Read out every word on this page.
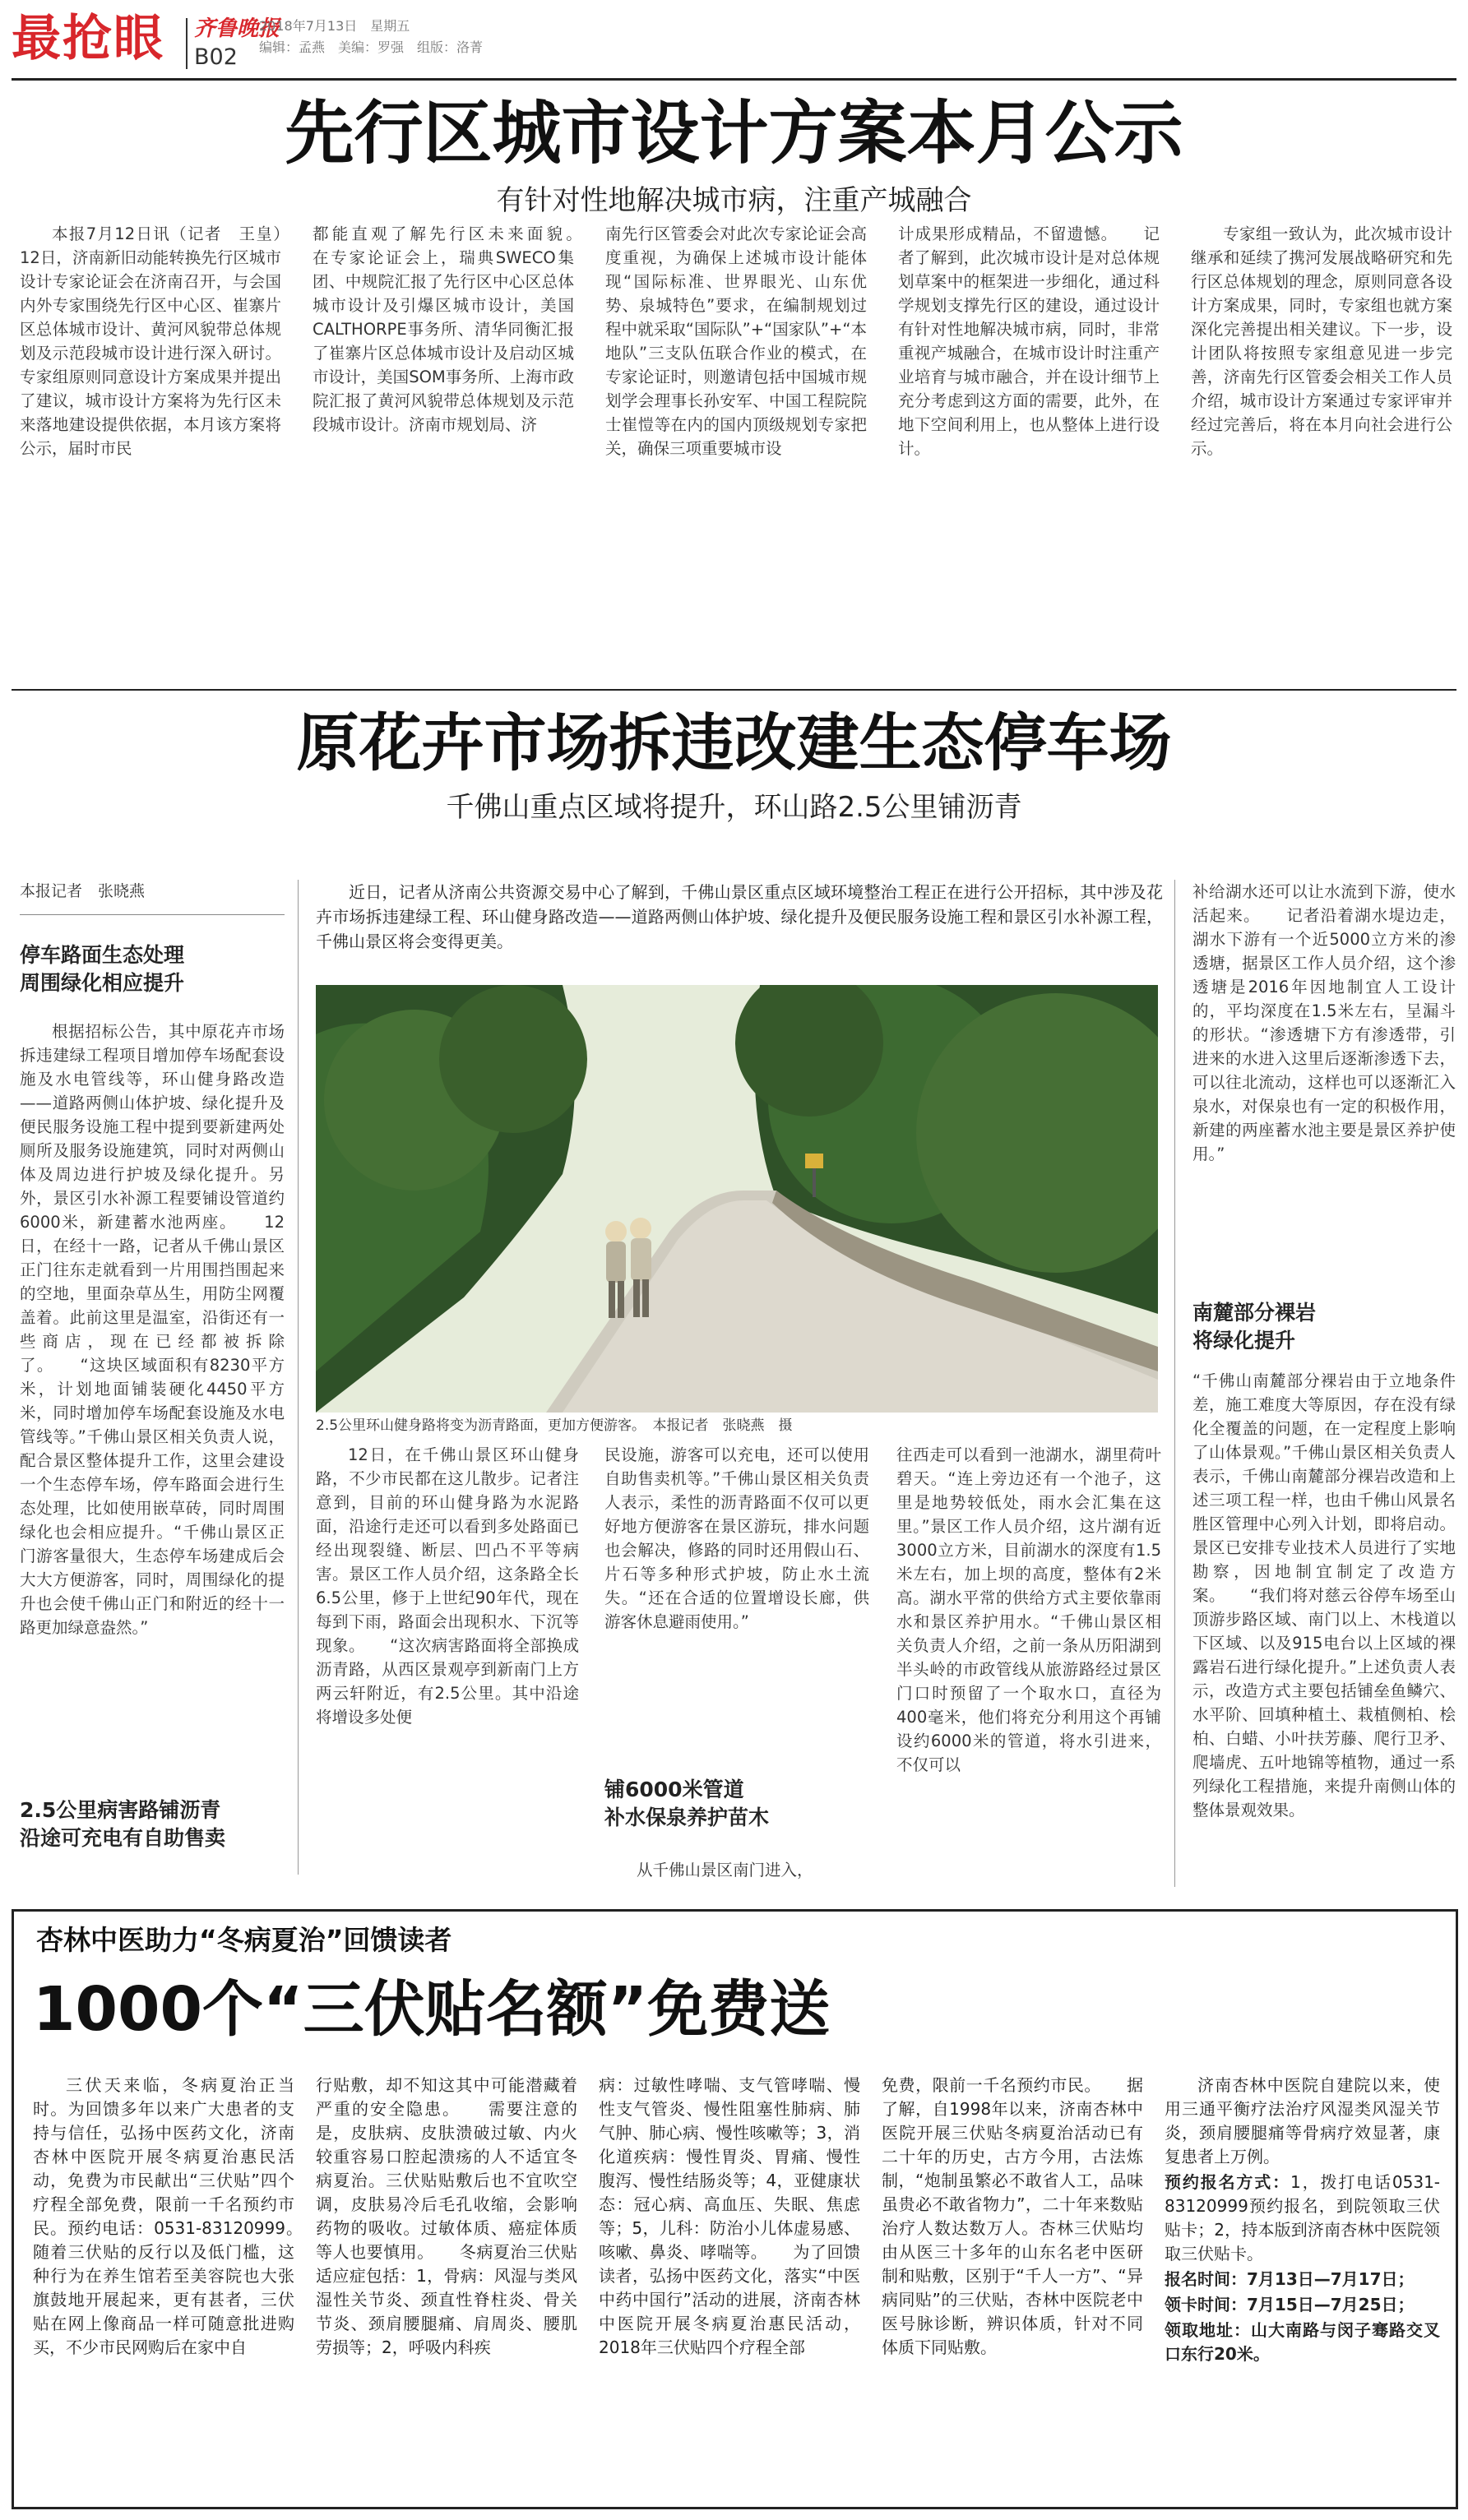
最抢眼 齐鲁晚报
B02
2018年7月13日　 星期五
编辑：孟燕　美编：罗强　组版：洛菁
先行区城市设计方案本月公示
有针对性地解决城市病，注重产城融合
本报7月12日讯（记者　王皇）　12日，济南新旧动能转换先行区城市设计专家论证会在济南召开，与会国内外专家围绕先行区中心区、崔寨片区总体城市设计、黄河风貌带总体规划及示范段城市设计进行深入研讨。专家组原则同意设计方案成果并提出了建议，城市设计方案将为先行区未来落地建设提供依据，本月该方案将公示，届时市民
都能直观了解先行区未来面貌。　　在专家论证会上，瑞典SWECO集团、中规院汇报了先行区中心区总体城市设计及引爆区城市设计，美国CALTHORPE事务所、清华同衡汇报了崔寨片区总体城市设计及启动区城市设计，美国SOM事务所、上海市政院汇报了黄河风貌带总体规划及示范段城市设计。济南市规划局、济
南先行区管委会对此次专家论证会高度重视，为确保上述城市设计能体现“国际标准、世界眼光、山东优势、泉城特色”要求，在编制规划过程中就采取“国际队”+“国家队”+“本地队”三支队伍联合作业的模式，在专家论证时，则邀请包括中国城市规划学会理事长孙安军、中国工程院院士崔愷等在内的国内顶级规划专家把关，确保三项重要城市设
计成果形成精品，不留遗憾。　　记者了解到，此次城市设计是对总体规划草案中的框架进一步细化，通过科学规划支撑先行区的建设，通过设计有针对性地解决城市病，同时，非常重视产城融合，在城市设计时注重产业培育与城市融合，并在设计细节上充分考虑到这方面的需要，此外，在地下空间利用上，也从整体上进行设计。
专家组一致认为，此次城市设计继承和延续了携河发展战略研究和先行区总体规划的理念，原则同意各设计方案成果，同时，专家组也就方案深化完善提出相关建议。下一步，设计团队将按照专家组意见进一步完善，济南先行区管委会相关工作人员介绍，城市设计方案通过专家评审并经过完善后，将在本月向社会进行公示。
原花卉市场拆违改建生态停车场
千佛山重点区域将提升，环山路2.5公里铺沥青
本报记者　张晓燕
停车路面生态处理
周围绿化相应提升
根据招标公告，其中原花卉市场拆违建绿工程项目增加停车场配套设施及水电管线等，环山健身路改造——道路两侧山体护坡、绿化提升及便民服务设施工程中提到要新建两处厕所及服务设施建筑，同时对两侧山体及周边进行护坡及绿化提升。另外，景区引水补源工程要铺设管道约6000米，新建蓄水池两座。　　12日，在经十一路，记者从千佛山景区正门往东走就看到一片用围挡围起来的空地，里面杂草丛生，用防尘网覆盖着。此前这里是温室，沿街还有一些商店，现在已经都被拆除了。　　“这块区域面积有8230平方米，计划地面铺装硬化4450平方米，同时增加停车场配套设施及水电管线等。”千佛山景区相关负责人说，配合景区整体提升工作，这里会建设一个生态停车场，停车路面会进行生态处理，比如使用嵌草砖，同时周围绿化也会相应提升。“千佛山景区正门游客量很大，生态停车场建成后会大大方便游客，同时，周围绿化的提升也会使千佛山正门和附近的经十一路更加绿意盎然。”
2.5公里病害路铺沥青
沿途可充电有自助售卖
近日，记者从济南公共资源交易中心了解到，千佛山景区重点区域环境整治工程正在进行公开招标，其中涉及花卉市场拆违建绿工程、环山健身路改造——道路两侧山体护坡、绿化提升及便民服务设施工程和景区引水补源工程，千佛山景区将会变得更美。
2.5公里环山健身路将变为沥青路面，更加方便游客。　本报记者　张晓燕　摄
12日，在千佛山景区环山健身路，不少市民都在这儿散步。记者注意到，目前的环山健身路为水泥路面，沿途行走还可以看到多处路面已经出现裂缝、断层、凹凸不平等病害。景区工作人员介绍，这条路全长6.5公里，修于上世纪90年代，现在每到下雨，路面会出现积水、下沉等现象。　　“这次病害路面将全部换成沥青路，从西区景观亭到新南门上方两云轩附近，有2.5公里。其中沿途将增设多处便
民设施，游客可以充电，还可以使用自助售卖机等。”千佛山景区相关负责人表示，柔性的沥青路面不仅可以更好地方便游客在景区游玩，排水问题也会解决，修路的同时还用假山石、片石等多种形式护坡，防止水土流失。“还在合适的位置增设长廊，供游客休息避雨使用。”
铺6000米管道
补水保泉养护苗木
从千佛山景区南门进入，
往西走可以看到一池湖水，湖里荷叶碧天。“连上旁边还有一个池子，这里是地势较低处，雨水会汇集在这里。”景区工作人员介绍，这片湖有近3000立方米，目前湖水的深度有1.5米左右，加上坝的高度，整体有2米高。湖水平常的供给方式主要依靠雨水和景区养护用水。“千佛山景区相关负责人介绍，之前一条从历阳湖到半头岭的市政管线从旅游路经过景区门口时预留了一个取水口，直径为400毫米，他们将充分利用这个再铺设约6000米的管道，将水引进来，不仅可以
补给湖水还可以让水流到下游，使水活起来。　　记者沿着湖水堤边走，湖水下游有一个近5000立方米的渗透塘，据景区工作人员介绍，这个渗透塘是2016年因地制宜人工设计的，平均深度在1.5米左右，呈漏斗的形状。“渗透塘下方有渗透带，引进来的水进入这里后逐渐渗透下去，可以往北流动，这样也可以逐渐汇入泉水，对保泉也有一定的积极作用，新建的两座蓄水池主要是景区养护使用。”
南麓部分裸岩
将绿化提升
“千佛山南麓部分裸岩由于立地条件差，施工难度大等原因，存在没有绿化全覆盖的问题，在一定程度上影响了山体景观。”千佛山景区相关负责人表示，千佛山南麓部分裸岩改造和上述三项工程一样，也由千佛山风景名胜区管理中心列入计划，即将启动。景区已安排专业技术人员进行了实地勘察，因地制宜制定了改造方案。　　“我们将对慈云谷停车场至山顶游步路区域、南门以上、木栈道以下区域、以及915电台以上区域的裸露岩石进行绿化提升。”上述负责人表示，改造方式主要包括铺垒鱼鳞穴、水平阶、回填种植土、栽植侧柏、桧柏、白蜡、小叶扶芳藤、爬行卫矛、爬墙虎、五叶地锦等植物，通过一系列绿化工程措施，来提升南侧山体的整体景观效果。
杏林中医助力“冬病夏治”回馈读者
1000个“三伏贴名额”免费送
三伏天来临，冬病夏治正当时。为回馈多年以来广大患者的支持与信任，弘扬中医药文化，济南杏林中医院开展冬病夏治惠民活动，免费为市民献出“三伏贴”四个疗程全部免费，限前一千名预约市民。预约电话：0531-83120999。　　随着三伏贴的反行以及低门槛，这种行为在养生馆若至美容院也大张旗鼓地开展起来，更有甚者，三伏贴在网上像商品一样可随意批进购买，不少市民网购后在家中自
行贴敷，却不知这其中可能潜藏着严重的安全隐患。　　需要注意的是，皮肤病、皮肤溃破过敏、内火较重容易口腔起溃疡的人不适宜冬病夏治。三伏贴贴敷后也不宜吹空调，皮肤易冷后毛孔收缩，会影响药物的吸收。过敏体质、癌症体质等人也要慎用。　　冬病夏治三伏贴适应症包括：1，骨病：风湿与类风湿性关节炎、颈直性脊柱炎、骨关节炎、颈肩腰腿痛、肩周炎、腰肌劳损等；2，呼吸内科疾
病：过敏性哮喘、支气管哮喘、慢性支气管炎、慢性阻塞性肺病、肺气肿、肺心病、慢性咳嗽等；3，消化道疾病：慢性胃炎、胃痛、慢性腹泻、慢性结肠炎等；4，亚健康状态：冠心病、高血压、失眠、焦虑等；5，儿科：防治小儿体虚易感、咳嗽、鼻炎、哮喘等。　　为了回馈读者，弘扬中医药文化，落实“中医中药中国行”活动的进展，济南杏林中医院开展冬病夏治惠民活动，2018年三伏贴四个疗程全部
免费，限前一千名预约市民。　　据了解，自1998年以来，济南杏林中医院开展三伏贴冬病夏治活动已有二十年的历史，古方今用，古法炼制，“炮制虽繁必不敢省人工，品味虽贵必不敢省物力”，二十年来数贴治疗人数达数万人。杏林三伏贴均由从医三十多年的山东名老中医研制和贴敷，区别于“千人一方”、“异病同贴”的三伏贴，杏林中医院老中医号脉诊断，辨识体质，针对不同体质下同贴敷。

济南杏林中医院自建院以来，使用三通平衡疗法治疗风湿类风湿关节炎，颈肩腰腿痛等骨病疗效显著，康复患者上万例。

预约报名方式：1，拨打电话0531-83120999预约报名，到院领取三伏贴卡；2，持本版到济南杏林中医院领取三伏贴卡。

报名时间：7月13日—7月17日；

领卡时间：7月15日—7月25日；

领取地址：山大南路与闵子骞路交叉口东行20米。
